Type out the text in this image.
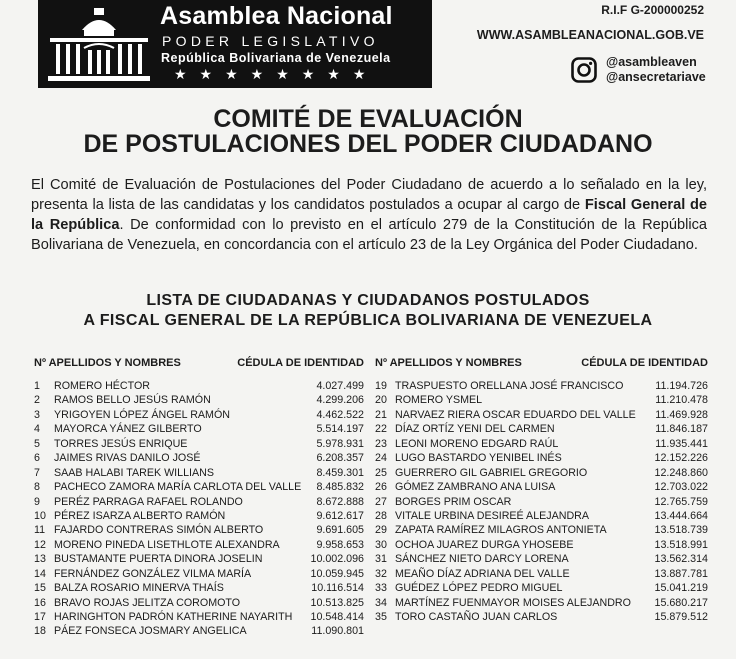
Asamblea Nacional
PODER LEGISLATIVO
República Bolivariana de Venezuela
★★★★★★★★
R.I.F G-200000252
WWW.ASAMBLEANACIONAL.GOB.VE
@asambleaven
@ansecretariave
COMITÉ DE EVALUACIÓN
DE POSTULACIONES DEL PODER CIUDADANO

El Comité de Evaluación de Postulaciones del Poder Ciudadano de acuerdo a lo señalado en la ley, presenta la lista de las candidatas y los candidatos postulados a ocupar al cargo de Fiscal General de la República. De conformidad con lo previsto en el artículo 279 de la Constitución de la República Bolivariana de Venezuela, en concordancia con el artículo 23 de la Ley Orgánica del Poder Ciudadano.

LISTA DE CIUDADANAS Y CIUDADANOS POSTULADOS
A FISCAL GENERAL DE LA REPÚBLICA BOLIVARIANA DE VENEZUELA
Nº APELLIDOS Y NOMBRES	CÉDULA DE IDENTIDAD
1 ROMERO HÉCTOR	4.027.499
2 RAMOS BELLO JESÚS RAMÓN	4.299.206
3 YRIGOYEN LÓPEZ ÁNGEL RAMÓN	4.462.522
4 MAYORCA YÁNEZ GILBERTO	5.514.197
5 TORRES JESÚS ENRIQUE	5.978.931
6 JAIMES RIVAS DANILO JOSÉ	6.208.357
7 SAAB HALABI TAREK WILLIANS	8.459.301
8 PACHECO ZAMORA MARÍA CARLOTA DEL VALLE 8.485.832
9 PERÉZ PARRAGA RAFAEL ROLANDO	8.672.888
10 PÉREZ ISARZA ALBERTO RAMÓN	9.612.617
11 FAJARDO CONTRERAS SIMÓN ALBERTO	9.691.605
12 MORENO PINEDA LISETHLOTE ALEXANDRA	9.958.653
13 BUSTAMANTE PUERTA DINORA JOSELIN	10.002.096
14 FERNÁNDEZ GONZÁLEZ VILMA MARÍA	10.059.945
15 BALZA ROSARIO MINERVA THAÍS	10.116.514
16 BRAVO ROJAS JELITZA COROMOTO	10.513.825
17 HARINGHTON PADRÓN KATHERINE NAYARITH 10.548.414
18 PÁEZ FONSECA JOSMARY ANGELICA	11.090.801
Nº APELLIDOS Y NOMBRES	CÉDULA DE IDENTIDAD
19 TRASPUESTO ORELLANA JOSÉ FRANCISCO	11.194.726
20 ROMERO YSMEL	11.210.478
21 NARVAEZ RIERA OSCAR EDUARDO DEL VALLE 11.469.928
22 DÍAZ ORTÍZ YENI DEL CARMEN	11.846.187
23 LEONI MORENO EDGARD RAÚL	11.935.441
24 LUGO BASTARDO YENIBEL INÉS	12.152.226
25 GUERRERO GIL GABRIEL GREGORIO	12.248.860
26 GÓMEZ ZAMBRANO ANA LUISA	12.703.022
27 BORGES PRIM OSCAR	12.765.759
28 VITALE URBINA DESIREÉ ALEJANDRA	13.444.664
29 ZAPATA RAMÍREZ MILAGROS ANTONIETA	13.518.739
30 OCHOA JUAREZ DURGA YHOSEBE	13.518.991
31 SÁNCHEZ NIETO DARCY LORENA	13.562.314
32 MEAÑO DÍAZ ADRIANA DEL VALLE	13.887.781
33 GUÉDEZ LÓPEZ PEDRO MIGUEL	15.041.219
34 MARTÍNEZ FUENMAYOR MOISES ALEJANDRO 15.680.217
35 TORO CASTAÑO JUAN CARLOS	15.879.512
